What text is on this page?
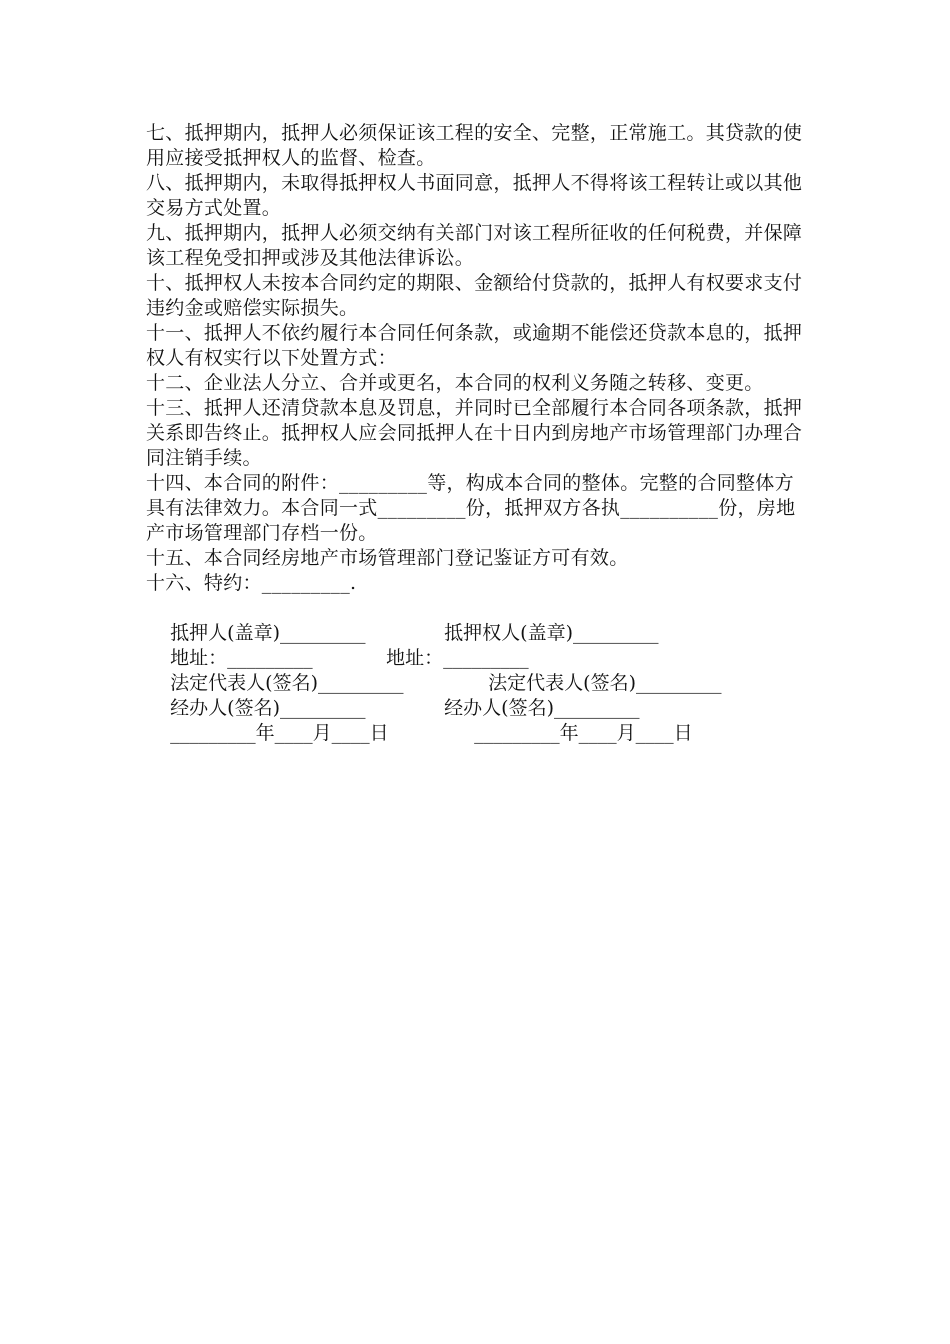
七、抵押期内，抵押人必须保证该工程的安全、完整，正常施工。其贷款的使用应接受抵押权人的监督、检查。

八、抵押期内，未取得抵押权人书面同意，抵押人不得将该工程转让或以其他交易方式处置。

九、抵押期内，抵押人必须交纳有关部门对该工程所征收的任何税费，并保障该工程免受扣押或涉及其他法律诉讼。

十、抵押权人未按本合同约定的期限、金额给付贷款的，抵押人有权要求支付违约金或赔偿实际损失。

十一、抵押人不依约履行本合同任何条款，或逾期不能偿还贷款本息的，抵押权人有权实行以下处置方式：

十二、企业法人分立、合并或更名，本合同的权利义务随之转移、变更。

十三、抵押人还清贷款本息及罚息，并同时已全部履行本合同各项条款，抵押关系即告终止。抵押权人应会同抵押人在十日内到房地产市场管理部门办理合同注销手续。

十四、本合同的附件：_________等，构成本合同的整体。完整的合同整体方具有法律效力。本合同一式_________份，抵押双方各执__________份，房地产市场管理部门存档一份。

十五、本合同经房地产市场管理部门登记鉴证方可有效。

十六、特约：_________.

抵押人(盖章)_________	抵押权人(盖章)_________

地址：_________	地址：_________

法定代表人(签名)_________	法定代表人(签名)_________

经办人(签名)_________	经办人(签名)_________

_________年____月____日	_________年____月____日
